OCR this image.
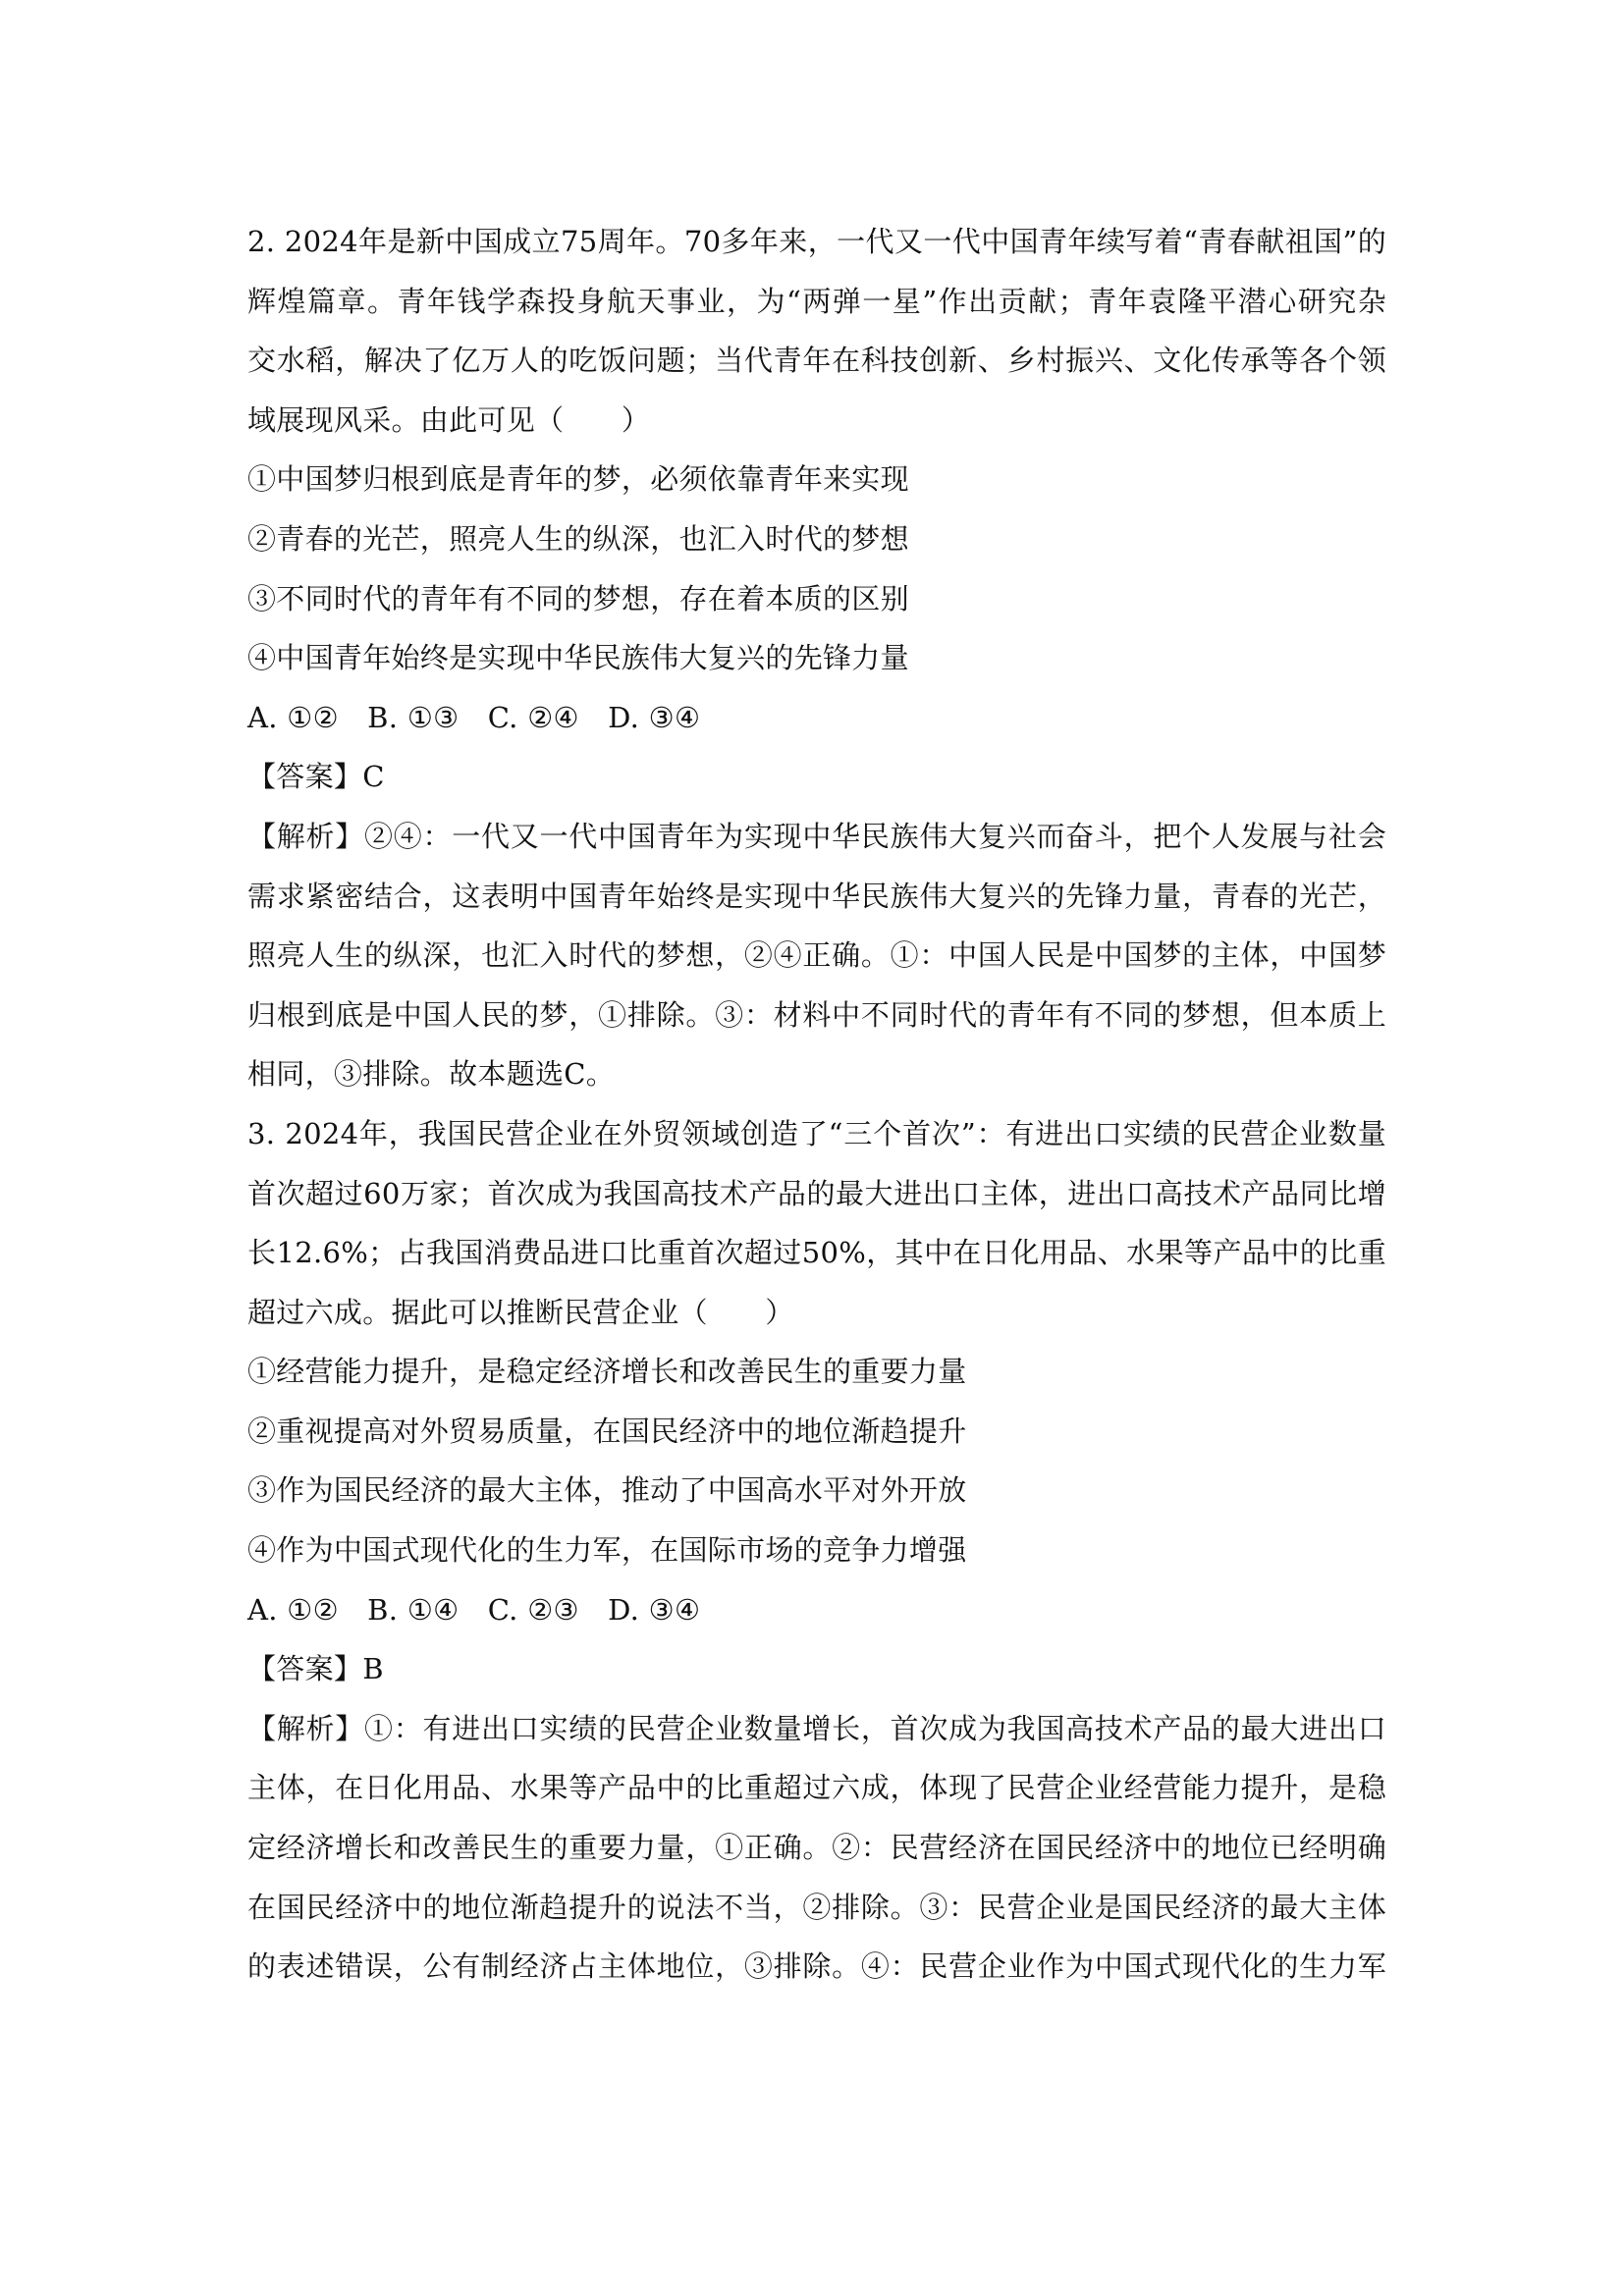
2. 2024年是新中国成立75周年。70多年来，一代又一代中国青年续写着“青春献祖国”的
辉煌篇章。青年钱学森投身航天事业，为“两弹一星”作出贡献；青年袁隆平潜心研究杂
交水稻，解决了亿万人的吃饭问题；当代青年在科技创新、乡村振兴、文化传承等各个领
域展现风采。由此可见（　　）
①中国梦归根到底是青年的梦，必须依靠青年来实现
②青春的光芒，照亮人生的纵深，也汇入时代的梦想
③不同时代的青年有不同的梦想，存在着本质的区别
④中国青年始终是实现中华民族伟大复兴的先锋力量
A. ①②　B. ①③　C. ②④　D. ③④
【答案】C
【解析】②④：一代又一代中国青年为实现中华民族伟大复兴而奋斗，把个人发展与社会
需求紧密结合，这表明中国青年始终是实现中华民族伟大复兴的先锋力量，青春的光芒，
照亮人生的纵深，也汇入时代的梦想，②④正确。①：中国人民是中国梦的主体，中国梦
归根到底是中国人民的梦，①排除。③：材料中不同时代的青年有不同的梦想，但本质上
相同，③排除。故本题选C。
3. 2024年，我国民营企业在外贸领域创造了“三个首次”：有进出口实绩的民营企业数量
首次超过60万家；首次成为我国高技术产品的最大进出口主体，进出口高技术产品同比增
长12.6%；占我国消费品进口比重首次超过50%，其中在日化用品、水果等产品中的比重
超过六成。据此可以推断民营企业（　　）
①经营能力提升，是稳定经济增长和改善民生的重要力量
②重视提高对外贸易质量，在国民经济中的地位渐趋提升
③作为国民经济的最大主体，推动了中国高水平对外开放
④作为中国式现代化的生力军，在国际市场的竞争力增强
A. ①②　B. ①④　C. ②③　D. ③④
【答案】B
【解析】①：有进出口实绩的民营企业数量增长，首次成为我国高技术产品的最大进出口
主体，在日化用品、水果等产品中的比重超过六成，体现了民营企业经营能力提升，是稳
定经济增长和改善民生的重要力量，①正确。②：民营经济在国民经济中的地位已经明确
在国民经济中的地位渐趋提升的说法不当，②排除。③：民营企业是国民经济的最大主体
的表述错误，公有制经济占主体地位，③排除。④：民营企业作为中国式现代化的生力军
